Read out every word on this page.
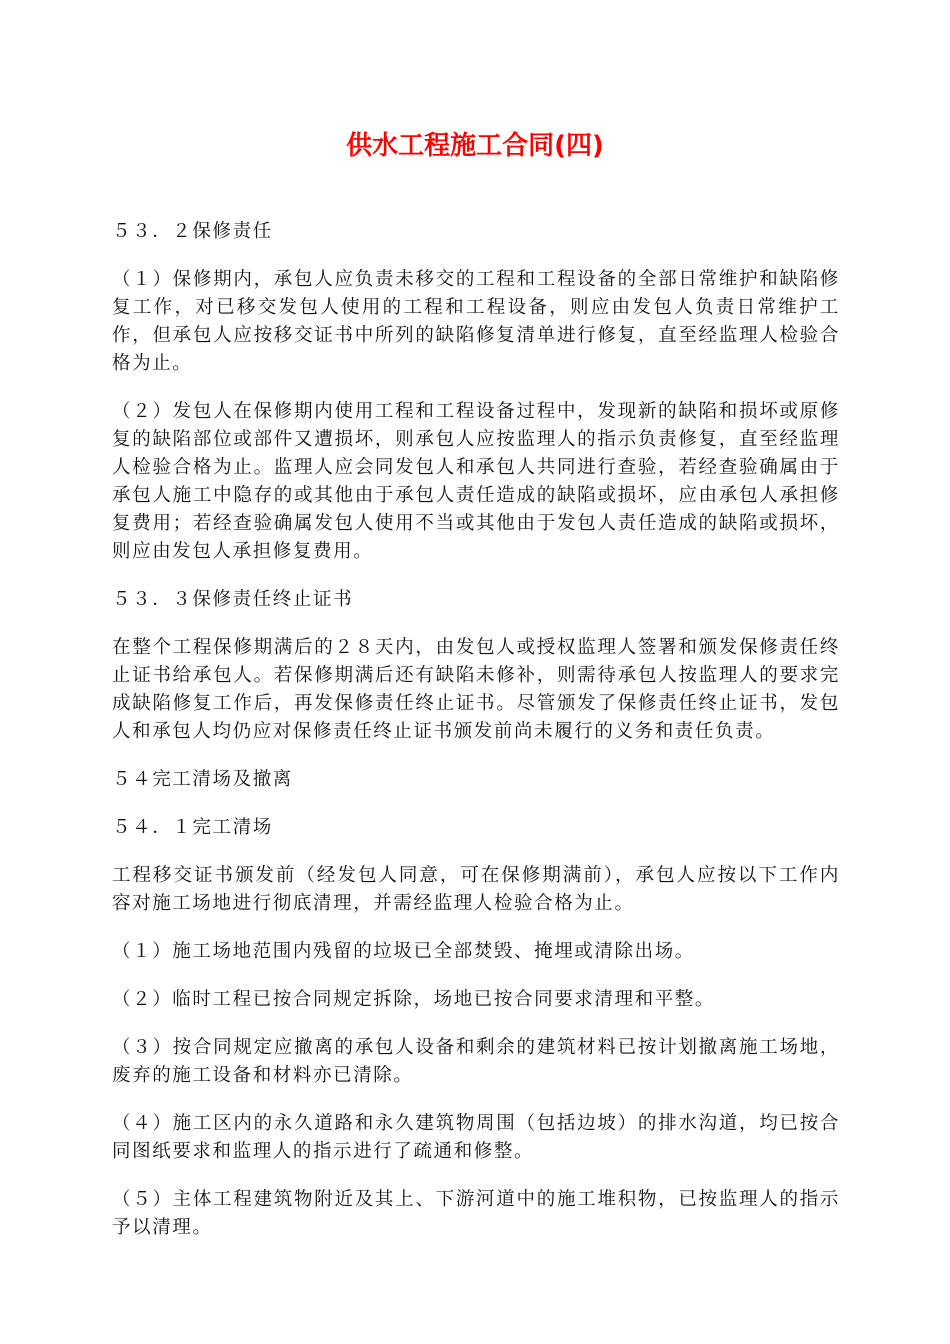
供水工程施工合同(四)

５３．２保修责任

（１）保修期内，承包人应负责未移交的工程和工程设备的全部日常维护和缺陷修复工作，对已移交发包人使用的工程和工程设备，则应由发包人负责日常维护工作，但承包人应按移交证书中所列的缺陷修复清单进行修复，直至经监理人检验合格为止。

（２）发包人在保修期内使用工程和工程设备过程中，发现新的缺陷和损坏或原修复的缺陷部位或部件又遭损坏，则承包人应按监理人的指示负责修复，直至经监理人检验合格为止。监理人应会同发包人和承包人共同进行查验，若经查验确属由于承包人施工中隐存的或其他由于承包人责任造成的缺陷或损坏，应由承包人承担修复费用；若经查验确属发包人使用不当或其他由于发包人责任造成的缺陷或损坏，则应由发包人承担修复费用。

５３．３保修责任终止证书

在整个工程保修期满后的２８天内，由发包人或授权监理人签署和颁发保修责任终止证书给承包人。若保修期满后还有缺陷未修补，则需待承包人按监理人的要求完成缺陷修复工作后，再发保修责任终止证书。尽管颁发了保修责任终止证书，发包人和承包人均仍应对保修责任终止证书颁发前尚未履行的义务和责任负责。

５４完工清场及撤离

５４．１完工清场

工程移交证书颁发前（经发包人同意，可在保修期满前），承包人应按以下工作内容对施工场地进行彻底清理，并需经监理人检验合格为止。

（１）施工场地范围内残留的垃圾已全部焚毁、掩埋或清除出场。

（２）临时工程已按合同规定拆除，场地已按合同要求清理和平整。

（３）按合同规定应撤离的承包人设备和剩余的建筑材料已按计划撤离施工场地，废弃的施工设备和材料亦已清除。

（４）施工区内的永久道路和永久建筑物周围（包括边坡）的排水沟道，均已按合同图纸要求和监理人的指示进行了疏通和修整。

（５）主体工程建筑物附近及其上、下游河道中的施工堆积物，已按监理人的指示予以清理。
